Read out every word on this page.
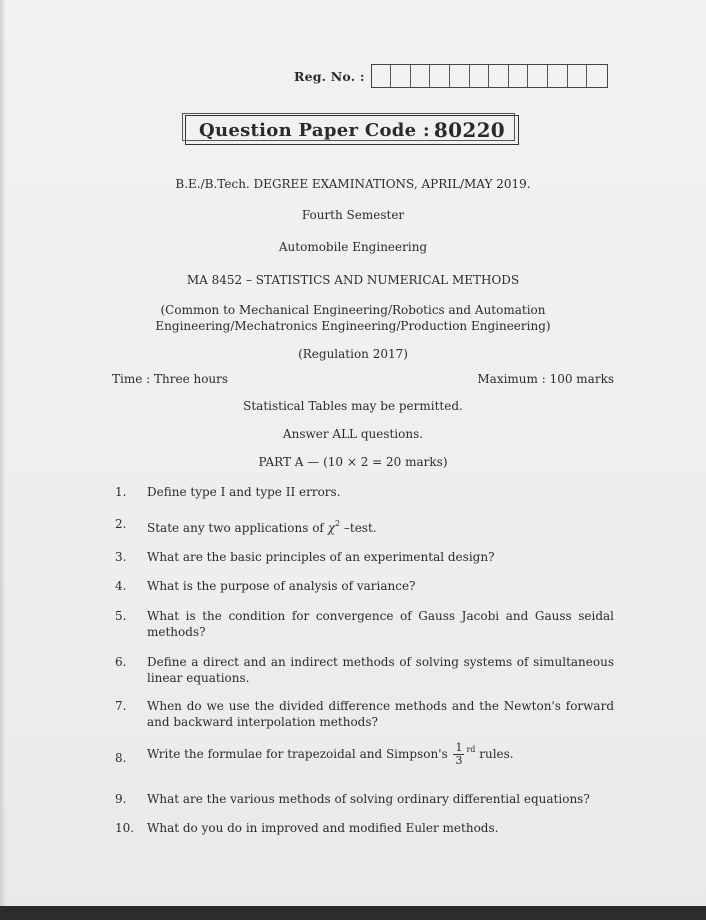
Reg. No. :
Question Paper Code : 80220
B.E./B.Tech. DEGREE EXAMINATIONS, APRIL/MAY 2019.
Fourth Semester
Automobile Engineering
MA 8452 – STATISTICS AND NUMERICAL METHODS
(Common to Mechanical Engineering/Robotics and Automation
Engineering/Mechatronics Engineering/Production Engineering)
(Regulation 2017)
Time : Three hours	Maximum : 100 marks
Statistical Tables may be permitted.
Answer ALL questions.
PART A — (10 × 2 = 20 marks)
1.	Define type I and type II errors.
2.	State any two applications of $\chi^2$ –test.
3.	What are the basic principles of an experimental design?
4.	What is the purpose of analysis of variance?
5.	What is the condition for convergence of Gauss Jacobi and Gauss seidal methods?
6.	Define a direct and an indirect methods of solving systems of simultaneous linear equations.
7.	When do we use the divided difference methods and the Newton's forward and backward interpolation methods?
8.	Write the formulae for trapezoidal and Simpson's $\frac{1}{3} ^{rd}$ rules.
9.	What are the various methods of solving ordinary differential equations?
10. What do you do in improved and modified Euler methods.
